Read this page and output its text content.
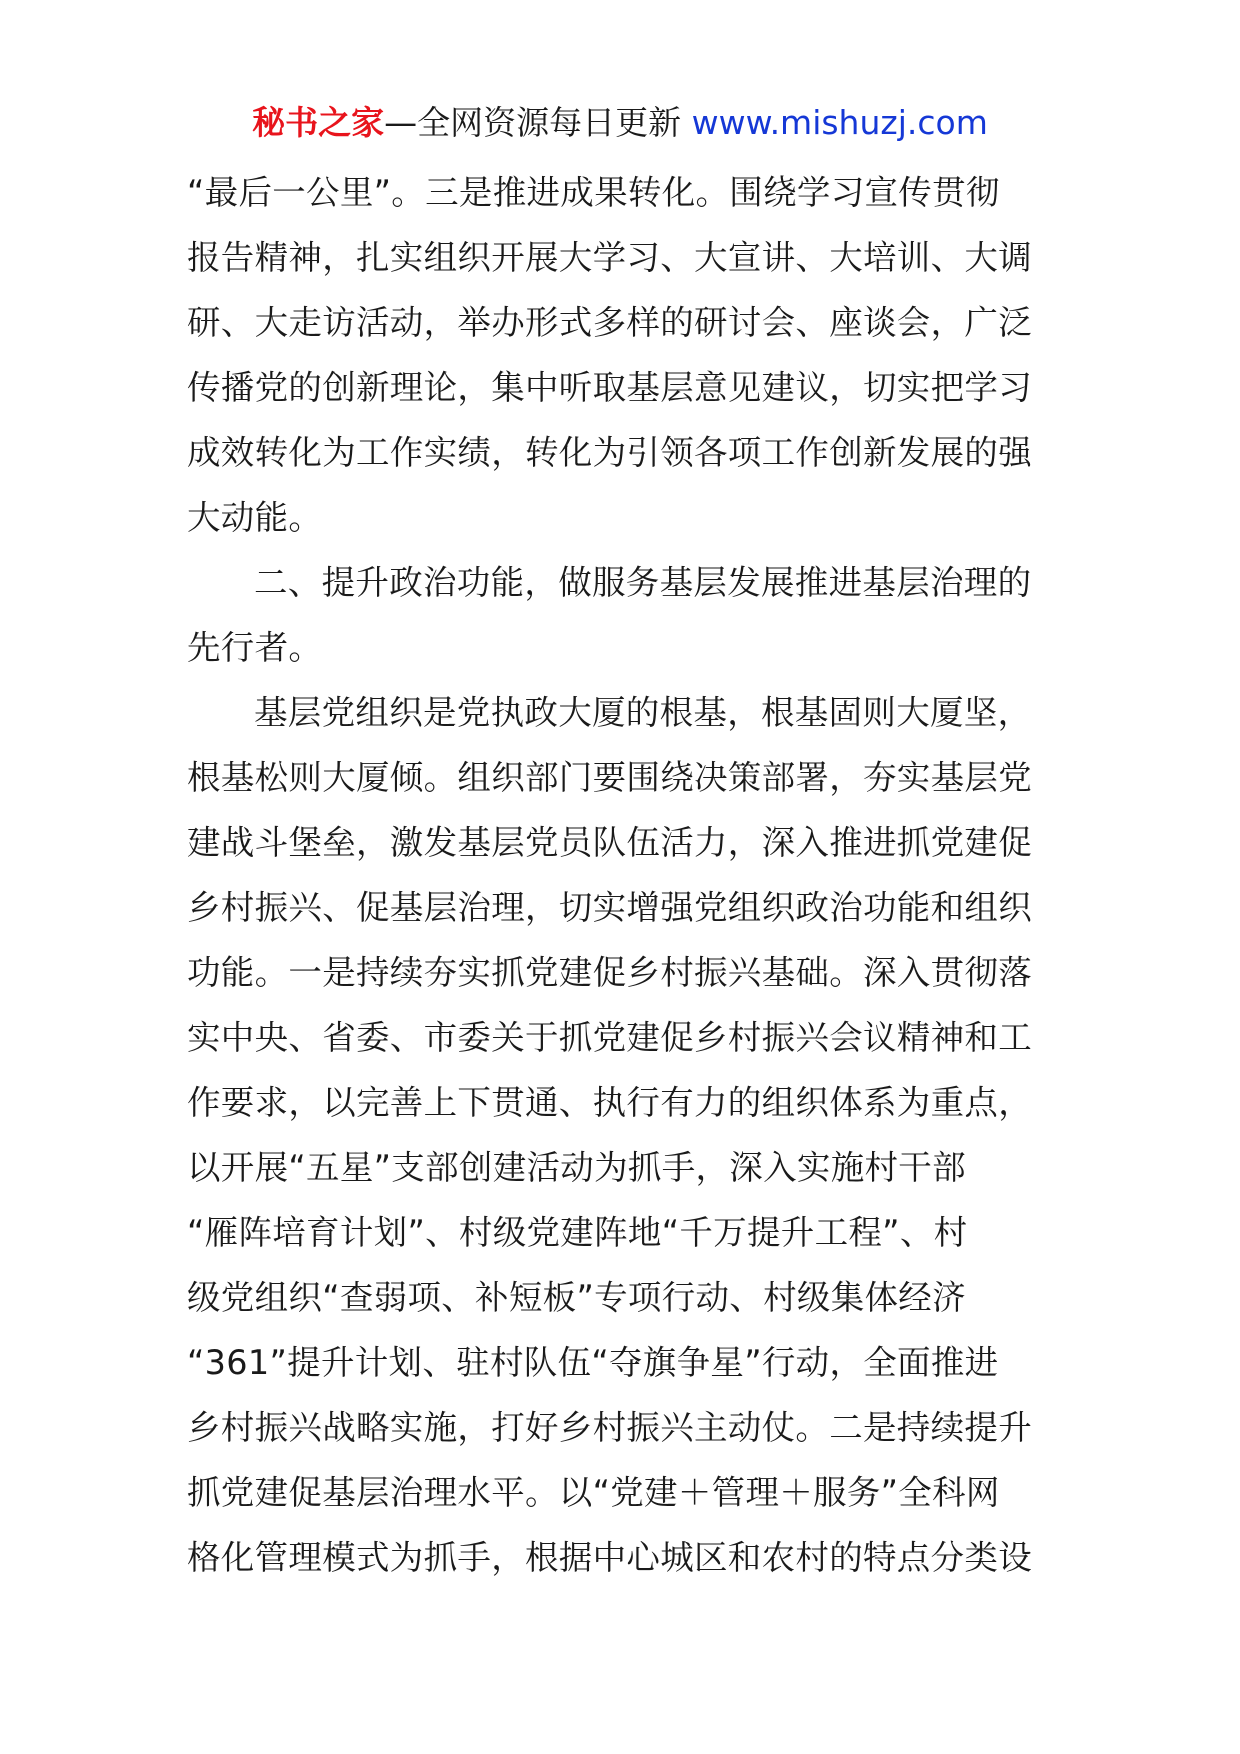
秘书之家—全网资源每日更新 www.mishuzj.com
“最后一公里”。三是推进成果转化。围绕学习宣传贯彻
报告精神，扎实组织开展大学习、大宣讲、大培训、大调
研、大走访活动，举办形式多样的研讨会、座谈会，广泛
传播党的创新理论，集中听取基层意见建议，切实把学习
成效转化为工作实绩，转化为引领各项工作创新发展的强
大动能。
二、提升政治功能，做服务基层发展推进基层治理的
先行者。
基层党组织是党执政大厦的根基，根基固则大厦坚，
根基松则大厦倾。组织部门要围绕决策部署，夯实基层党
建战斗堡垒，激发基层党员队伍活力，深入推进抓党建促
乡村振兴、促基层治理，切实增强党组织政治功能和组织
功能。一是持续夯实抓党建促乡村振兴基础。深入贯彻落
实中央、省委、市委关于抓党建促乡村振兴会议精神和工
作要求，以完善上下贯通、执行有力的组织体系为重点，
以开展“五星”支部创建活动为抓手，深入实施村干部
“雁阵培育计划”、村级党建阵地“千万提升工程”、村
级党组织“查弱项、补短板”专项行动、村级集体经济
“361”提升计划、驻村队伍“夺旗争星”行动，全面推进
乡村振兴战略实施，打好乡村振兴主动仗。二是持续提升
抓党建促基层治理水平。以“党建＋管理＋服务”全科网
格化管理模式为抓手，根据中心城区和农村的特点分类设
